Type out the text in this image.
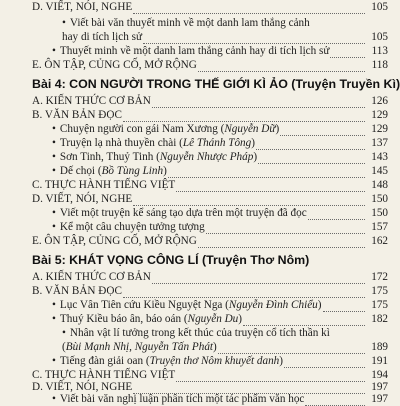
D. VIẾT, NÓI, NGHE	105
• Viết bài văn thuyết minh về một danh lam thắng cảnh
hay di tích lịch sử	105
• Thuyết minh về một danh lam thắng cảnh hay di tích lịch sử	113
E. ÔN TẬP, CỦNG CỐ, MỞ RỘNG	118
Bài 4: CON NGƯỜI TRONG THẾ GIỚI KÌ ẢO (Truyện Truyền Kì)
A. KIẾN THỨC CƠ BẢN	126
B. VĂN BẢN ĐỌC	129
• Chuyện người con gái Nam Xương (Nguyễn Dữ)	129
• Truyện lạ nhà thuyền chài (Lê Thánh Tông)	137
• Sơn Tinh, Thuỷ Tinh (Nguyễn Nhược Pháp)	143
• Dế chọi (Bồ Tùng Linh)	145
C. THỰC HÀNH TIẾNG VIỆT	148
D. VIẾT, NÓI, NGHE	150
• Viết một truyện kể sáng tạo dựa trên một truyện đã đọc	150
• Kể một câu chuyện tưởng tượng	157
E. ÔN TẬP, CỦNG CỐ, MỞ RỘNG	162
Bài 5: KHÁT VỌNG CÔNG LÍ (Truyện Thơ Nôm)
A. KIẾN THỨC CƠ BẢN	172
B. VĂN BẢN ĐỌC	175
• Lục Vân Tiên cứu Kiều Nguyệt Nga (Nguyễn Đình Chiểu)	175
• Thuý Kiều báo ân, báo oán (Nguyễn Du)	182
• Nhân vật lí tưởng trong kết thúc của truyện cổ tích thần kì
(Bùi Mạnh Nhị, Nguyễn Tấn Phát)	189
• Tiếng đàn giải oan (Truyện thơ Nôm khuyết danh)	191
C. THỰC HÀNH TIẾNG VIỆT	194
D. VIẾT, NÓI, NGHE	197
• Viết bài văn nghị luận phân tích một tác phẩm văn học	197
